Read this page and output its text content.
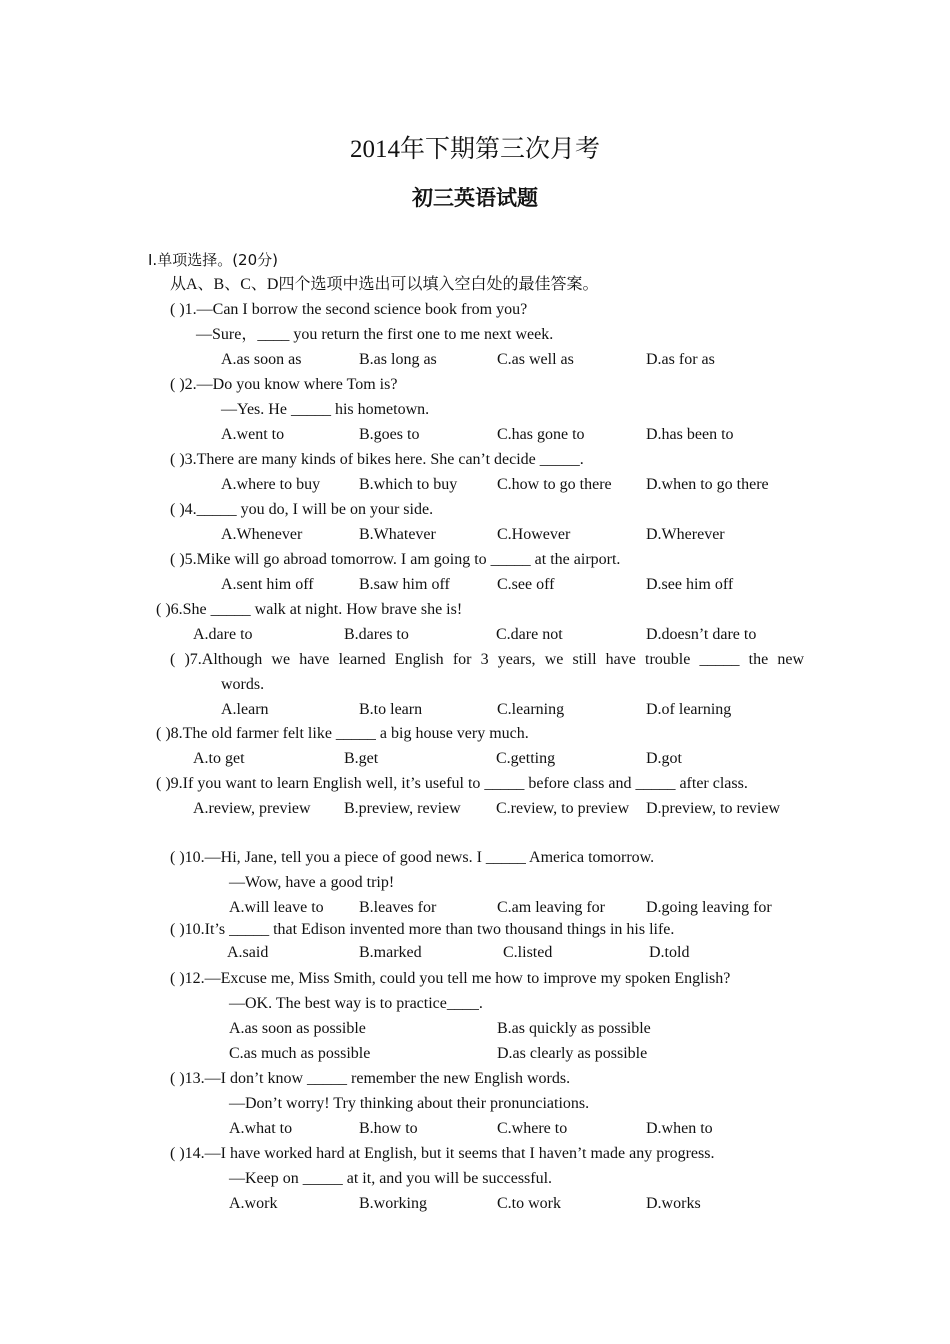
2014年下期第三次月考
初三英语试题
Ⅰ.单项选择。(20分)
从A、B、C、D四个选项中选出可以填入空白处的最佳答案。
( )1.—Can I borrow the second science book from you?
—Sure，____ you return the first one to me next week.
A.as soon as	B.as long as	C.as well as	D.as for as
( )2.—Do you know where Tom is?
—Yes. He _____ his hometown.
A.went to	B.goes to	C.has gone to	D.has been to
( )3.There are many kinds of bikes here. She can’t decide _____.
A.where to buy B.which to buy C.how to go there D.when to go there
( )4._____ you do, I will be on your side.
A.Whenever	B.Whatever	C.However	D.Wherever
( )5.Mike will go abroad tomorrow. I am going to _____ at the airport.
A.sent him off	B.saw him off	C.see off	D.see him off
( )6.She _____ walk at night. How brave she is!
A.dare to	B.dares to	C.dare not	D.doesn’t dare to
( )7.Although we have learned English for 3 years, we still have trouble _____ the new
words.
A.learn	B.to learn	C.learning	D.of learning
( )8.The old farmer felt like _____ a big house very much.
A.to get	B.get	C.getting	D.got
( )9.If you want to learn English well, it’s useful to _____ before class and _____ after class.
A.review, preview B.preview, review C.review, to preview D.preview, to review
( )10.—Hi, Jane, tell you a piece of good news. I _____ America tomorrow.
—Wow, have a good trip!
A.will leave to B.leaves for	C.am leaving for	D.going leaving for
( )10.It’s _____ that Edison invented more than two thousand things in his life.
A.said	B.marked	C.listed	D.told
( )12.—Excuse me, Miss Smith, could you tell me how to improve my spoken English?
—OK. The best way is to practice____.
A.as soon as possible	B.as quickly as possible
C.as much as possible	D.as clearly as possible
( )13.—I don’t know _____ remember the new English words.
—Don’t worry! Try thinking about their pronunciations.
A.what to	B.how to	C.where to	D.when to
( )14.—I have worked hard at English, but it seems that I haven’t made any progress.
—Keep on _____ at it, and you will be successful.
A.work	B.working	C.to work	D.works
